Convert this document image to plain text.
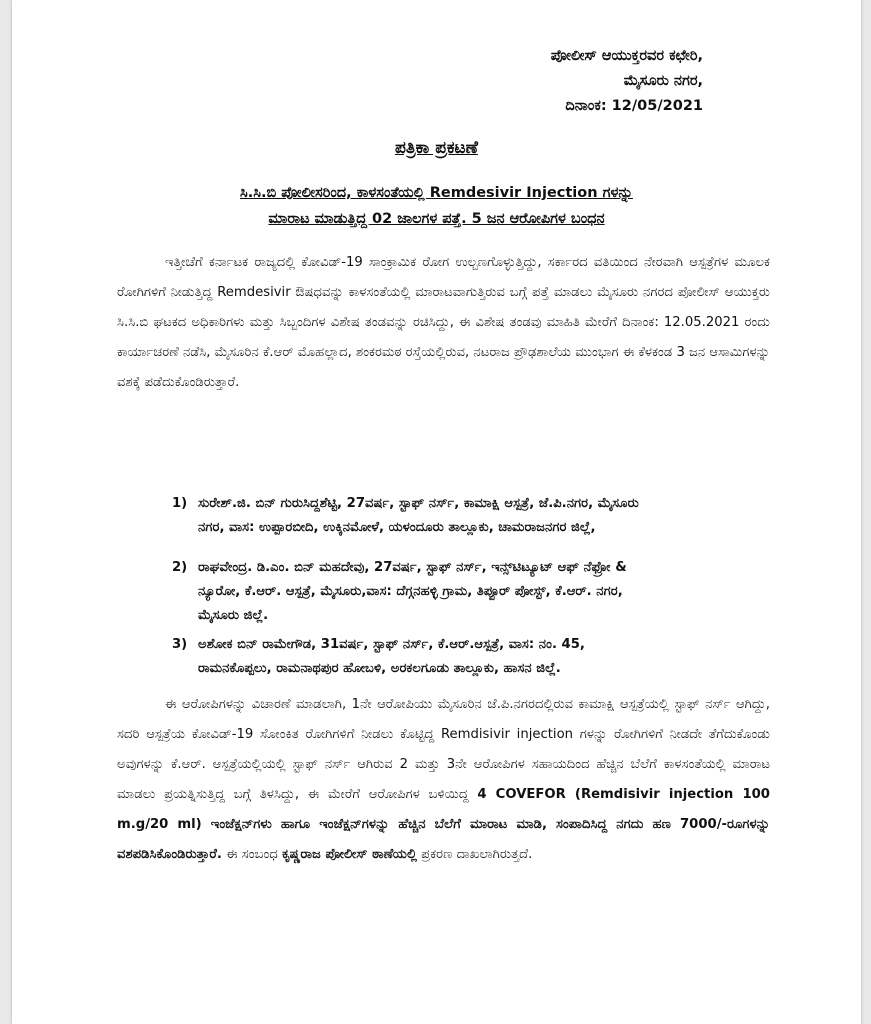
ಪೋಲೀಸ್ ಆಯುಕ್ತರವರ ಕಛೇರಿ,
ಮೈಸೂರು ನಗರ,
ದಿನಾಂಕ: 12/05/2021
ಪತ್ರಿಕಾ ಪ್ರಕಟಣೆ
ಸಿ.ಸಿ.ಬಿ ಪೋಲೀಸರಿಂದ, ಕಾಳಸಂತೆಯಲ್ಲಿ Remdesivir Injection ಗಳನ್ನು
ಮಾರಾಟ ಮಾಡುತ್ತಿದ್ದ 02 ಜಾಲಗಳ ಪತ್ತೆ. 5 ಜನ ಆರೋಪಿಗಳ ಬಂಧನ
ಇತ್ತೀಚೆಗೆ ಕರ್ನಾಟಕ ರಾಜ್ಯದಲ್ಲಿ ಕೋವಿಡ್-19 ಸಾಂಕ್ರಾಮಿಕ ರೋಗ ಉಲ್ಬಣಗೊಳ್ಳುತ್ತಿದ್ದು, ಸರ್ಕಾರದ ವತಿಯಿಂದ ನೇರವಾಗಿ ಆಸ್ಪತ್ರೆಗಳ ಮೂಲಕ ರೋಗಿಗಳಿಗೆ ನೀಡುತ್ತಿದ್ದ Remdesivir ಔಷಧವನ್ನು ಕಾಳಸಂತೆಯಲ್ಲಿ ಮಾರಾಟವಾಗುತ್ತಿರುವ ಬಗ್ಗೆ ಪತ್ತೆ ಮಾಡಲು ಮೈಸೂರು ನಗರದ ಪೋಲೀಸ್ ಆಯುಕ್ತರು ಸಿ.ಸಿ.ಬಿ ಘಟಕದ ಅಧಿಕಾರಿಗಳು ಮತ್ತು ಸಿಬ್ಬಂದಿಗಳ ವಿಶೇಷ ತಂಡವನ್ನು ರಚಿಸಿದ್ದು, ಈ ವಿಶೇಷ ತಂಡವು ಮಾಹಿತಿ ಮೇರೆಗೆ ದಿನಾಂಕ: 12.05.2021 ರಂದು ಕಾರ್ಯಾಚರಣೆ ನಡೆಸಿ, ಮೈಸೂರಿನ ಕೆ.ಆರ್ ಮೊಹಲ್ಲಾದ, ಶಂಕರಮಠ ರಸ್ತೆಯಲ್ಲಿರುವ, ನಟರಾಜ ಪ್ರೌಢಶಾಲೆಯ ಮುಂಭಾಗ ಈ ಕೆಳಕಂಡ 3 ಜನ ಆಸಾಮಿಗಳನ್ನು ವಶಕ್ಕೆ ಪಡೆದುಕೊಂಡಿರುತ್ತಾರೆ.
1) ಸುರೇಶ್.ಜಿ. ಬಿನ್ ಗುರುಸಿದ್ದಶೆಟ್ಟಿ, 27ವರ್ಷ, ಸ್ಟಾಫ್ ನರ್ಸ್, ಕಾಮಾಕ್ಷಿ ಆಸ್ಪತ್ರೆ, ಜೆ.ಪಿ.ನಗರ, ಮೈಸೂರು
ನಗರ, ವಾಸ: ಉಪ್ಪಾರಬೀದಿ, ಉಕ್ಕಿನಮೋಳೆ, ಯಳಂದೂರು ತಾಲ್ಲೂಕು, ಚಾಮರಾಜನಗರ ಜಿಲ್ಲೆ,
2) ರಾಘವೇಂದ್ರ. ಡಿ.ಎಂ. ಬಿನ್ ಮಹದೇವು, 27ವರ್ಷ, ಸ್ಟಾಫ್ ನರ್ಸ್, ಇನ್ಸ್‌ಟಿಟ್ಯೂಟ್ ಆಫ್ ನೆಫ್ರೋ &
ನ್ಯೂರೋ, ಕೆ.ಆರ್. ಆಸ್ಪತ್ರೆ, ಮೈಸೂರು,ವಾಸ: ದೆಗ್ಗನಹಳ್ಳಿ ಗ್ರಾಮ, ತಿಪ್ಪೂರ್ ಪೋಸ್ಟ್, ಕೆ.ಆರ್. ನಗರ,
ಮೈಸೂರು ಜಿಲ್ಲೆ.
3) ಅಶೋಕ ಬಿನ್ ರಾಮೇಗೌಡ, 31ವರ್ಷ, ಸ್ಟಾಫ್ ನರ್ಸ್, ಕೆ.ಆರ್.ಆಸ್ಪತ್ರೆ, ವಾಸ: ನಂ. 45,
ರಾಮನಕೊಪ್ಪಲು, ರಾಮನಾಥಪುರ ಹೋಬಳಿ, ಅರಕಲಗೂಡು ತಾಲ್ಲೂಕು, ಹಾಸನ ಜಿಲ್ಲೆ.
ಈ ಆರೋಪಿಗಳನ್ನು ವಿಚಾರಣೆ ಮಾಡಲಾಗಿ, 1ನೇ ಆರೋಪಿಯು ಮೈಸೂರಿನ ಜೆ.ಪಿ.ನಗರದಲ್ಲಿರುವ ಕಾಮಾಕ್ಷಿ ಆಸ್ಪತ್ರೆಯಲ್ಲಿ ಸ್ಟಾಫ್ ನರ್ಸ್ ಆಗಿದ್ದು, ಸದರಿ ಆಸ್ಪತ್ರೆಯ ಕೋವಿಡ್-19 ಸೋಂಕಿತ ರೋಗಿಗಳಿಗೆ ನೀಡಲು ಕೊಟ್ಟಿದ್ದ Remdisivir injection ಗಳನ್ನು ರೋಗಿಗಳಿಗೆ ನೀಡದೇ ತೆಗೆದುಕೊಂಡು ಅವುಗಳನ್ನು ಕೆ.ಆರ್. ಆಸ್ಪತ್ರೆಯಲ್ಲಿಯಲ್ಲಿ ಸ್ಟಾಫ್ ನರ್ಸ್ ಆಗಿರುವ 2 ಮತ್ತು 3ನೇ ಆರೋಪಿಗಳ ಸಹಾಯದಿಂದ ಹೆಚ್ಚಿನ ಬೆಲೆಗೆ ಕಾಳಸಂತೆಯಲ್ಲಿ ಮಾರಾಟ ಮಾಡಲು ಪ್ರಯತ್ನಿಸುತ್ತಿದ್ದ ಬಗ್ಗೆ ತಿಳಸಿದ್ದು, ಈ ಮೇರೆಗೆ ಆರೋಪಿಗಳ ಬಳಿಯಿದ್ದ 4 COVEFOR (Remdisivir injection 100 m.g/20 ml) ಇಂಜೆಕ್ಷನ್‌ಗಳು ಹಾಗೂ ಇಂಜೆಕ್ಷನ್‌ಗಳನ್ನು ಹೆಚ್ಚಿನ ಬೆಲೆಗೆ ಮಾರಾಟ ಮಾಡಿ, ಸಂಪಾದಿಸಿದ್ದ ನಗದು ಹಣ 7000/-ರೂಗಳನ್ನು ವಶಪಡಿಸಿಕೊಂಡಿರುತ್ತಾರೆ. ಈ ಸಂಬಂಧ ಕೃಷ್ಣರಾಜ ಪೋಲೀಸ್ ಠಾಣೆಯಲ್ಲಿ ಪ್ರಕರಣ ದಾಖಲಾಗಿರುತ್ತದೆ.
